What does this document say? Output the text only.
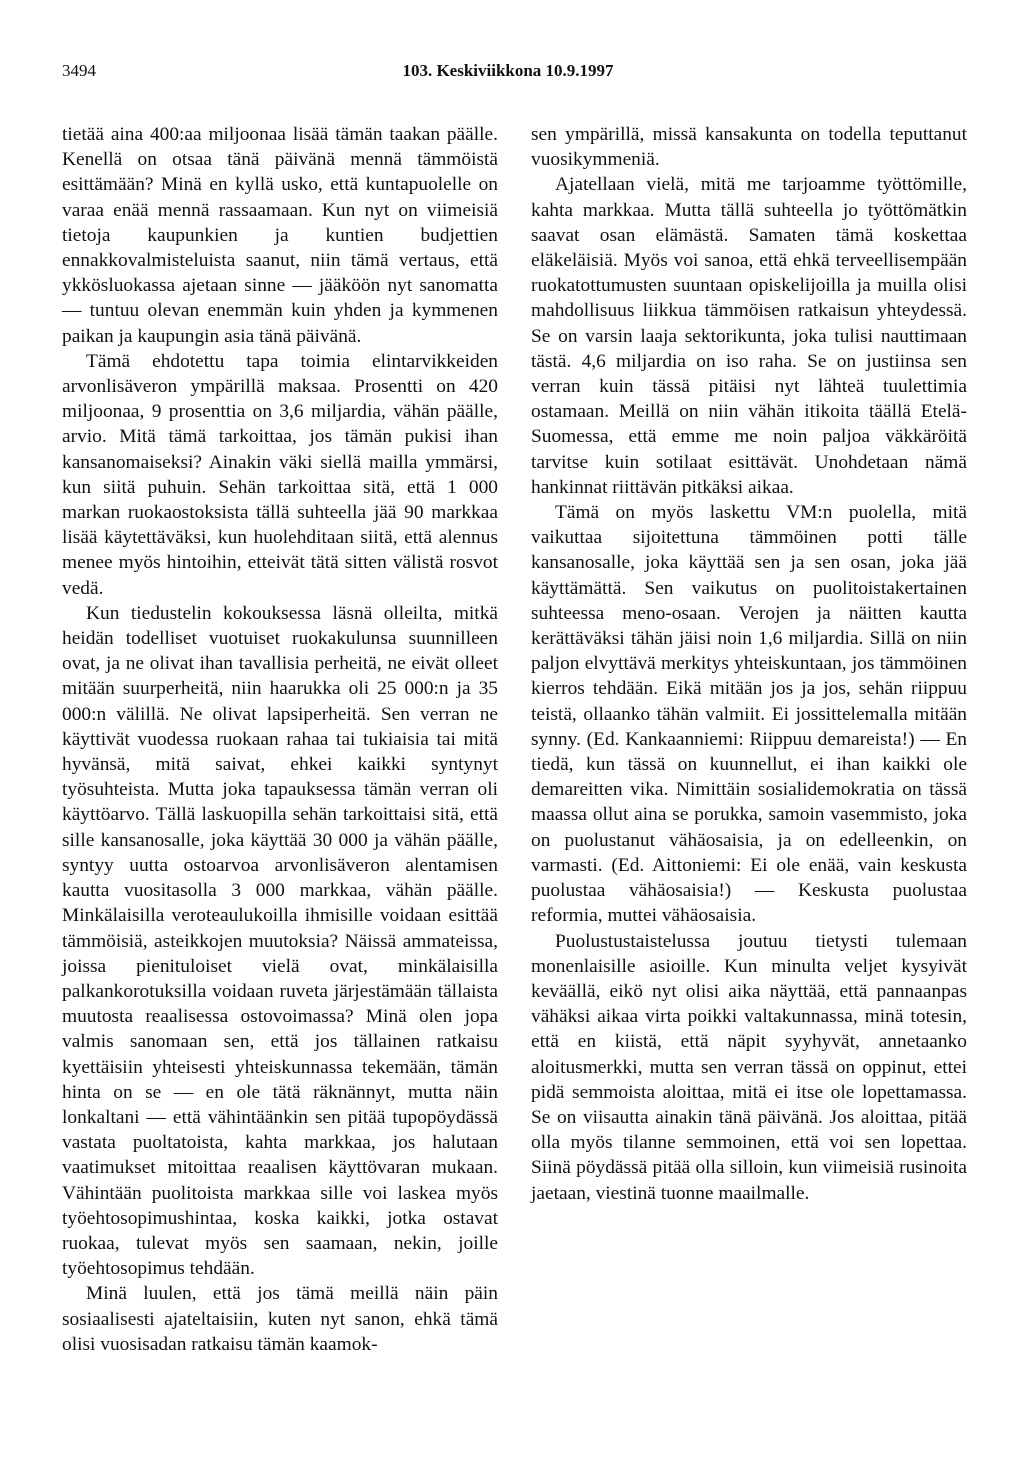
3494	103. Keskiviikkona 10.9.1997

tietää aina 400:aa miljoonaa lisää tämän taakan päälle. Kenellä on otsaa tänä päivänä mennä tämmöistä esittämään? Minä en kyllä usko, että kuntapuolelle on varaa enää mennä rassaamaan. Kun nyt on viimeisiä tietoja kaupunkien ja kuntien budjettien ennakkovalmisteluista saanut, niin tämä vertaus, että ykkösluokassa ajetaan sinne — jääköön nyt sanomatta — tuntuu olevan enemmän kuin yhden ja kymmenen paikan ja kaupungin asia tänä päivänä.

Tämä ehdotettu tapa toimia elintarvikkeiden arvonlisäveron ympärillä maksaa. Prosentti on 420 miljoonaa, 9 prosenttia on 3,6 miljardia, vähän päälle, arvio. Mitä tämä tarkoittaa, jos tämän pukisi ihan kansanomaiseksi? Ainakin väki siellä mailla ymmärsi, kun siitä puhuin. Sehän tarkoittaa sitä, että 1 000 markan ruokaostoksista tällä suhteella jää 90 markkaa lisää käytettäväksi, kun huolehditaan siitä, että alennus menee myös hintoihin, etteivät tätä sitten välistä rosvot vedä.

Kun tiedustelin kokouksessa läsnä olleilta, mitkä heidän todelliset vuotuiset ruokakulunsa suunnilleen ovat, ja ne olivat ihan tavallisia perheitä, ne eivät olleet mitään suurperheitä, niin haarukka oli 25 000:n ja 35 000:n välillä. Ne olivat lapsiperheitä. Sen verran ne käyttivät vuodessa ruokaan rahaa tai tukiaisia tai mitä hyvänsä, mitä saivat, ehkei kaikki syntynyt työsuhteista. Mutta joka tapauksessa tämän verran oli käyttöarvo. Tällä laskuopilla sehän tarkoittaisi sitä, että sille kansanosalle, joka käyttää 30 000 ja vähän päälle, syntyy uutta ostoarvoa arvonlisäveron alentamisen kautta vuositasolla 3 000 markkaa, vähän päälle. Minkälaisilla veroteaulukoilla ihmisille voidaan esittää tämmöisiä, asteikkojen muutoksia? Näissä ammateissa, joissa pienituloiset vielä ovat, minkälaisilla palkankorotuksilla voidaan ruveta järjestämään tällaista muutosta reaalisessa ostovoimassa? Minä olen jopa valmis sanomaan sen, että jos tällainen ratkaisu kyettäisiin yhteisesti yhteiskunnassa tekemään, tämän hinta on se — en ole tätä räknännyt, mutta näin lonkaltani — että vähintäänkin sen pitää tupopöydässä vastata puoltatoista, kahta markkaa, jos halutaan vaatimukset mitoittaa reaalisen käyttövaran mukaan. Vähintään puolitoista markkaa sille voi laskea myös työehtosopimushintaa, koska kaikki, jotka ostavat ruokaa, tulevat myös sen saamaan, nekin, joille työehtosopimus tehdään.

Minä luulen, että jos tämä meillä näin päin sosiaalisesti ajateltaisiin, kuten nyt sanon, ehkä tämä olisi vuosisadan ratkaisu tämän kaamok-

sen ympärillä, missä kansakunta on todella teputtanut vuosikymmeniä.

Ajatellaan vielä, mitä me tarjoamme työttömille, kahta markkaa. Mutta tällä suhteella jo työttömätkin saavat osan elämästä. Samaten tämä koskettaa eläkeläisiä. Myös voi sanoa, että ehkä terveellisempään ruokatottumusten suuntaan opiskelijoilla ja muilla olisi mahdollisuus liikkua tämmöisen ratkaisun yhteydessä. Se on varsin laaja sektorikunta, joka tulisi nauttimaan tästä. 4,6 miljardia on iso raha. Se on justiinsa sen verran kuin tässä pitäisi nyt lähteä tuulettimia ostamaan. Meillä on niin vähän itikoita täällä Etelä-Suomessa, että emme me noin paljoa väkkäröitä tarvitse kuin sotilaat esittävät. Unohdetaan nämä hankinnat riittävän pitkäksi aikaa.

Tämä on myös laskettu VM:n puolella, mitä vaikuttaa sijoitettuna tämmöinen potti tälle kansanosalle, joka käyttää sen ja sen osan, joka jää käyttämättä. Sen vaikutus on puolitoistakertainen suhteessa meno-osaan. Verojen ja näitten kautta kerättäväksi tähän jäisi noin 1,6 miljardia. Sillä on niin paljon elvyttävä merkitys yhteiskuntaan, jos tämmöinen kierros tehdään. Eikä mitään jos ja jos, sehän riippuu teistä, ollaanko tähän valmiit. Ei jossittelemalla mitään synny. (Ed. Kankaanniemi: Riippuu demareista!) — En tiedä, kun tässä on kuunnellut, ei ihan kaikki ole demareitten vika. Nimittäin sosialidemokratia on tässä maassa ollut aina se porukka, samoin vasemmisto, joka on puolustanut vähäosaisia, ja on edelleenkin, on varmasti. (Ed. Aittoniemi: Ei ole enää, vain keskusta puolustaa vähäosaisia!) — Keskusta puolustaa reformia, muttei vähäosaisia.

Puolustustaistelussa joutuu tietysti tulemaan monenlaisille asioille. Kun minulta veljet kysyivät keväällä, eikö nyt olisi aika näyttää, että pannaanpas vähäksi aikaa virta poikki valtakunnassa, minä totesin, että en kiistä, että näpit syyhyvät, annetaanko aloitusmerkki, mutta sen verran tässä on oppinut, ettei pidä semmoista aloittaa, mitä ei itse ole lopettamassa. Se on viisautta ainakin tänä päivänä. Jos aloittaa, pitää olla myös tilanne semmoinen, että voi sen lopettaa. Siinä pöydässä pitää olla silloin, kun viimeisiä rusinoita jaetaan, viestinä tuonne maailmalle.
